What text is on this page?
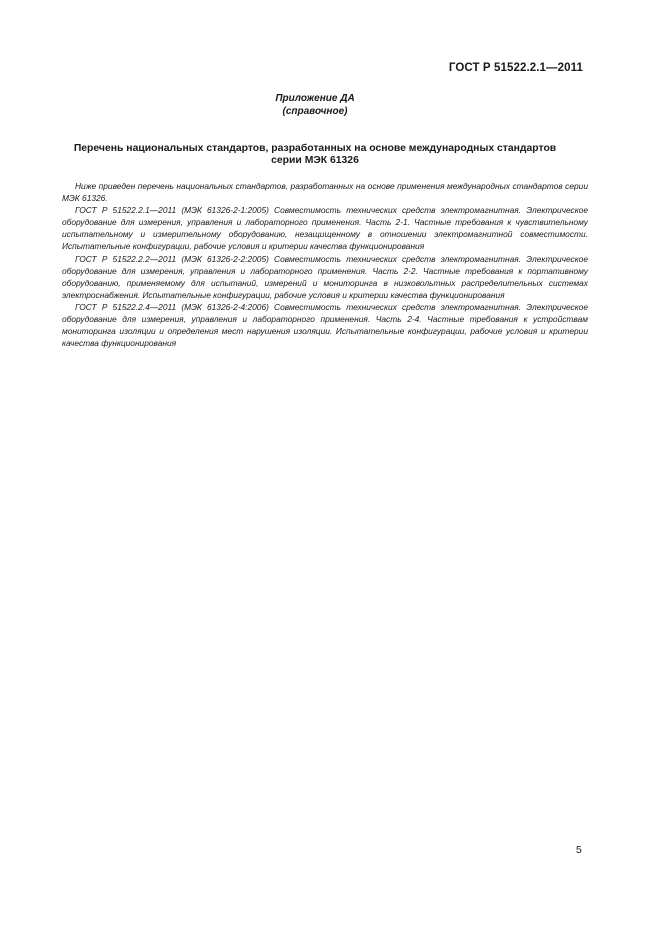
ГОСТ Р 51522.2.1—2011
Приложение ДА
(справочное)
Перечень национальных стандартов, разработанных на основе международных стандартов
серии МЭК 61326

Ниже приведен перечень национальных стандартов, разработанных на основе применения международных стандартов серии МЭК 61326.

ГОСТ Р 51522.2.1—2011 (МЭК 61326-2-1:2005) Совместимость технических средств электромагнитная. Электрическое оборудование для измерения, управления и лабораторного применения. Часть 2-1. Частные требования к чувствительному испытательному и измерительному оборудованию, незащищенному в отношении электромагнитной совместимости. Испытательные конфигурации, рабочие условия и критерии качества функционирования

ГОСТ Р 51522.2.2—2011 (МЭК 61326-2-2:2005) Совместимость технических средств электромагнитная. Электрическое оборудование для измерения, управления и лабораторного применения. Часть 2-2. Частные требования к портативному оборудованию, применяемому для испытаний, измерений и мониторинга в низковольтных распределительных системах электроснабжения. Испытательные конфигурации, рабочие условия и критерии качества функционирования

ГОСТ Р 51522.2.4—2011 (МЭК 61326-2-4:2006) Совместимость технических средств электромагнитная. Электрическое оборудование для измерения, управления и лабораторного применения. Часть 2-4. Частные требования к устройствам мониторинга изоляции и определения мест нарушения изоляции. Испытательные конфигурации, рабочие условия и критерии качества функционирования

5
